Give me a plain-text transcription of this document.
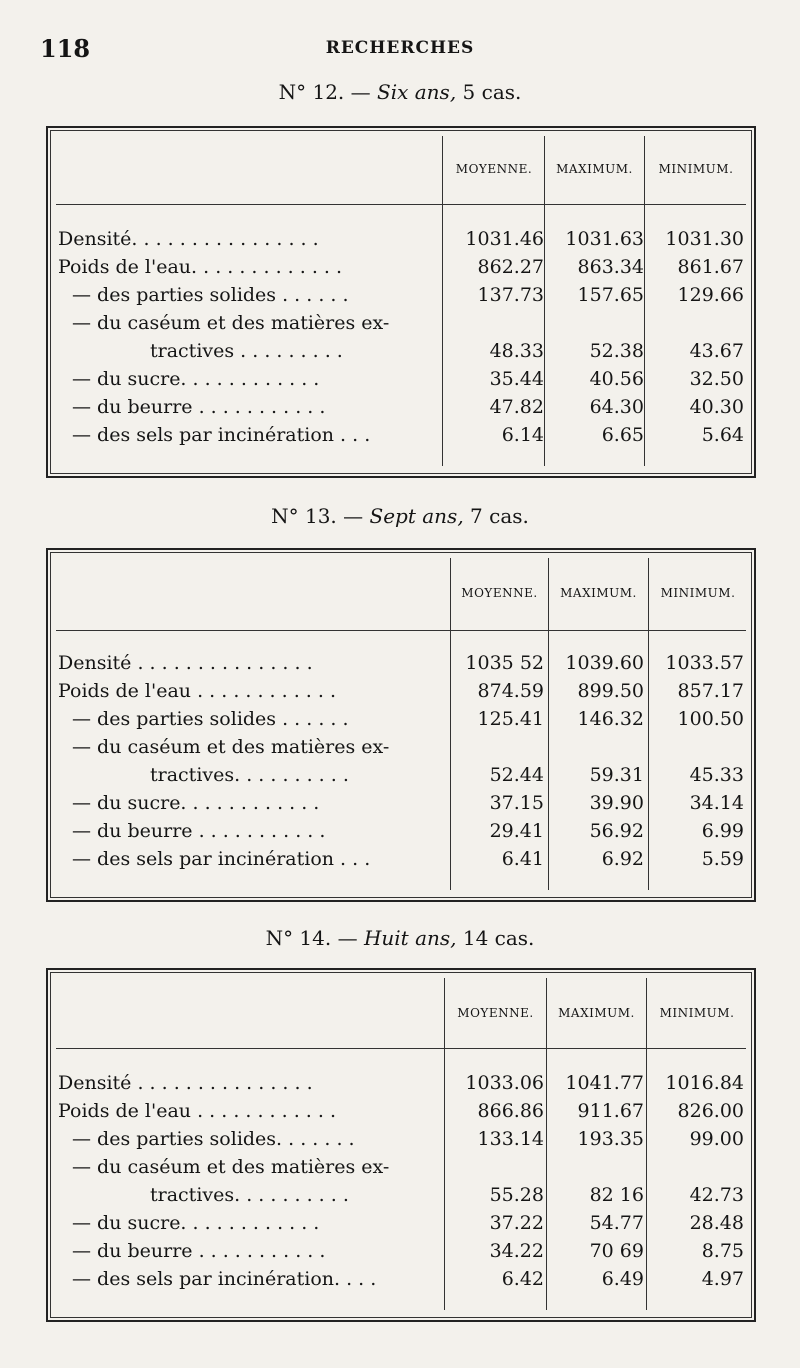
118	RECHERCHES
N° 12. — Six ans, 5 cas.
MOYENNE.	MAXIMUM.	MINIMUM.
Densité. . . . . . . . . . . . . . . .	1031.46	1031.63	1031.30
Poids de l'eau. . . . . . . . . . . . .	862.27	863.34	861.67
— des parties solides . . . . . .	137.73	157.65	129.66
— du caséum et des matières ex-
tractives . . . . . . . . .	48.33	52.38	43.67
— du sucre. . . . . . . . . . . .	35.44	40.56	32.50
— du beurre . . . . . . . . . . .	47.82	64.30	40.30
— des sels par incinération . . .	6.14	6.65	5.64
N° 13. — Sept ans, 7 cas.
MOYENNE.	MAXIMUM.	MINIMUM.
Densité . . . . . . . . . . . . . . .	1035 52	1039.60	1033.57
Poids de l'eau . . . . . . . . . . . .	874.59	899.50	857.17
— des parties solides . . . . . .	125.41	146.32	100.50
— du caséum et des matières ex-
tractives. . . . . . . . . .	52.44	59.31	45.33
— du sucre. . . . . . . . . . . .	37.15	39.90	34.14
— du beurre . . . . . . . . . . .	29.41	56.92	6.99
— des sels par incinération . . .	6.41	6.92	5.59
N° 14. — Huit ans, 14 cas.
MOYENNE.	MAXIMUM.	MINIMUM.
Densité . . . . . . . . . . . . . . .	1033.06	1041.77	1016.84
Poids de l'eau . . . . . . . . . . . .	866.86	911.67	826.00
— des parties solides. . . . . . .	133.14	193.35	99.00
— du caséum et des matières ex-
tractives. . . . . . . . . .	55.28	82 16	42.73
— du sucre. . . . . . . . . . . .	37.22	54.77	28.48
— du beurre . . . . . . . . . . .	34.22	70 69	8.75
— des sels par incinération. . . .	6.42	6.49	4.97
